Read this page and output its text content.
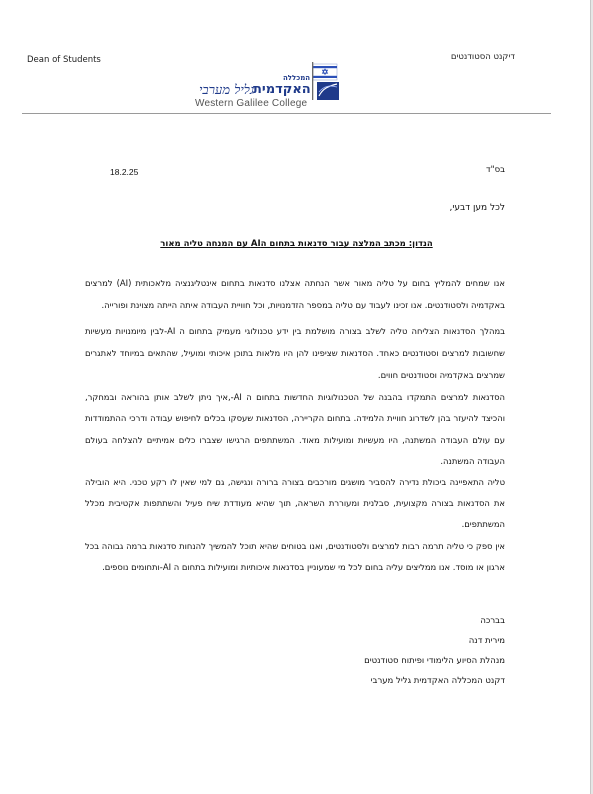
Dean of Students	דיקנט הסטודנטים
המכללה
האקדמית
גליל מערבי
Western Galilee College
18.2.25	בס"ד
לכל מען דבעי,
הנדון: מכתב המלצה עבור סדנאות בתחום הAI עם המנחה טליה מאור

אנו שמחים להמליץ בחום על טליה מאור אשר הנחתה אצלנו סדנאות בתחום אינטליגנציה מלאכותית (AI) למרצים באקדמיה ולסטודנטים. אנו זכינו לעבוד עם טליה במספר הזדמנויות, וכל חוויית העבודה איתה הייתה מצוינת ופורייה.

במהלך הסדנאות הצליחה טליה לשלב בצורה מושלמת בין ידע טכנולוגי מעמיק בתחום ה AI-לבין מיומנויות מעשיות שחשובות למרצים וסטודנטים כאחד. הסדנאות שציפינו להן היו מלאות בתוכן איכותי ומועיל, שהתאים במיוחד לאתגרים שמרצים באקדמיה וסטודנטים חווים.

הסדנאות למרצים התמקדו בהבנה של הטכנולוגיות החדשות בתחום ה AI-,איך ניתן לשלב אותן בהוראה ובמחקר, והכיצד להיעזר בהן לשדרוג חוויית הלמידה. בתחום הקריירה, הסדנאות שעסקו בכלים לחיפוש עבודה ודרכי ההתמודדות עם עולם העבודה המשתנה, היו מעשיות ומועילות מאוד. המשתתפים הרגישו שצברו כלים אמיתיים להצלחה בעולם העבודה המשתנה.

טליה התאפיינה ביכולת נדירה להסביר מושגים מורכבים בצורה ברורה ונגישה, גם למי שאין לו רקע טכני. היא הובילה את הסדנאות בצורה מקצועית, סבלנית ומעוררת השראה, תוך שהיא מעודדת שיח פעיל והשתתפות אקטיבית מכלל המשתתפים.

אין ספק כי טליה תרמה רבות למרצים ולסטודנטים, ואנו בטוחים שהיא תוכל להמשיך להנחות סדנאות ברמה גבוהה בכל ארגון או מוסד. אנו ממליצים עליה בחום לכל מי שמעוניין בסדנאות איכותיות ומועילות בתחום ה AI-ותחומים נוספים.

בברכה
מירית דנה
מנהלת הסיוע הלימודי ופיתוח סטודנטים
דקנט המכללה האקדמית גליל מערבי
